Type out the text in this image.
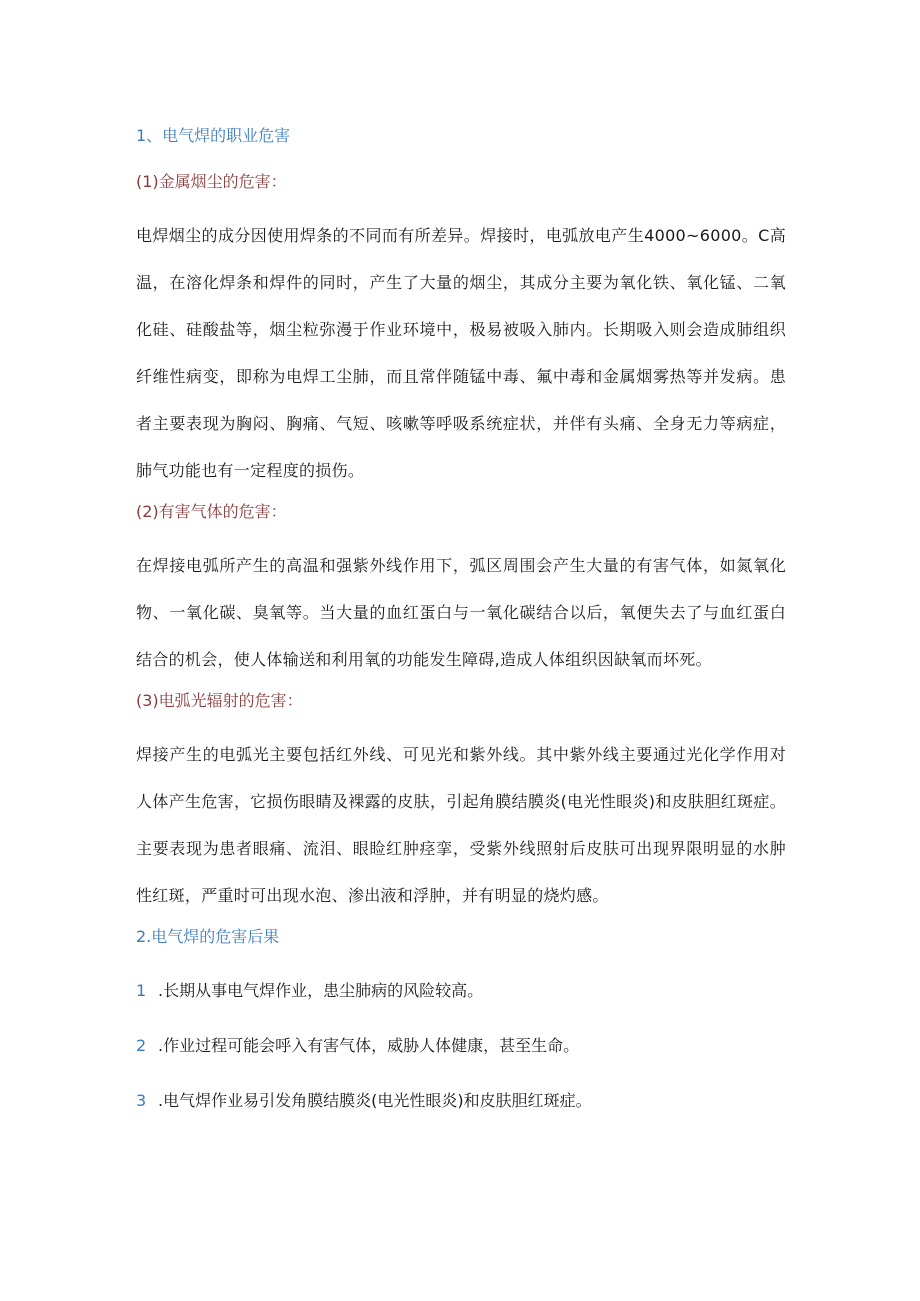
1、电气焊的职业危害
(1)金属烟尘的危害：

电焊烟尘的成分因使用焊条的不同而有所差异。焊接时，电弧放电产生4000~6000。C高温，在溶化焊条和焊件的同时，产生了大量的烟尘，其成分主要为氧化铁、氧化锰、二氧化硅、硅酸盐等，烟尘粒弥漫于作业环境中，极易被吸入肺内。长期吸入则会造成肺组织纤维性病变，即称为电焊工尘肺，而且常伴随锰中毒、氟中毒和金属烟雾热等并发病。患者主要表现为胸闷、胸痛、气短、咳嗽等呼吸系统症状，并伴有头痛、全身无力等病症，肺气功能也有一定程度的损伤。

(2)有害气体的危害：

在焊接电弧所产生的高温和强紫外线作用下，弧区周围会产生大量的有害气体，如氮氧化物、一氧化碳、臭氧等。当大量的血红蛋白与一氧化碳结合以后，氧便失去了与血红蛋白结合的机会，使人体输送和利用氧的功能发生障碍,造成人体组织因缺氧而坏死。

(3)电弧光辐射的危害：

焊接产生的电弧光主要包括红外线、可见光和紫外线。其中紫外线主要通过光化学作用对人体产生危害，它损伤眼睛及裸露的皮肤，引起角膜结膜炎(电光性眼炎)和皮肤胆红斑症。主要表现为患者眼痛、流泪、眼睑红肿痉挛，受紫外线照射后皮肤可出现界限明显的水肿性红斑，严重时可出现水泡、渗出液和浮肿，并有明显的烧灼感。

2.电气焊的危害后果
1 .长期从事电气焊作业，患尘肺病的风险较高。
2 .作业过程可能会呼入有害气体，威胁人体健康，甚至生命。
3 .电气焊作业易引发角膜结膜炎(电光性眼炎)和皮肤胆红斑症。
